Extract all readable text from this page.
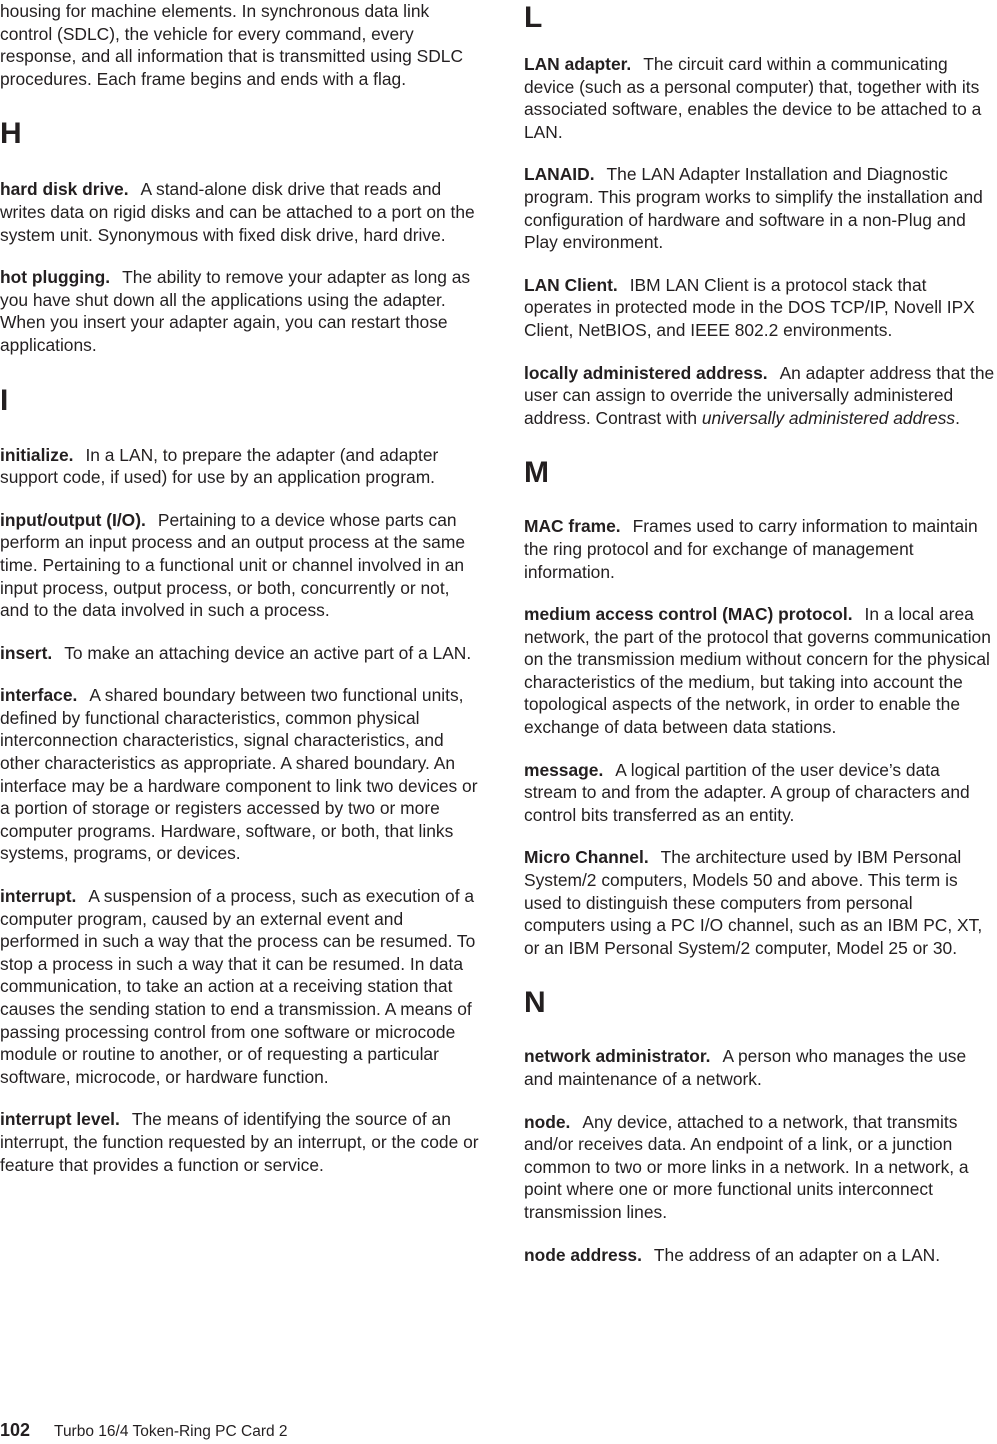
housing for machine elements. In synchronous data link control (SDLC), the vehicle for every command, every response, and all information that is transmitted using SDLC procedures. Each frame begins and ends with a flag.

H

hard disk drive. A stand-alone disk drive that reads and writes data on rigid disks and can be attached to a port on the system unit. Synonymous with fixed disk drive, hard drive.

hot plugging. The ability to remove your adapter as long as you have shut down all the applications using the adapter. When you insert your adapter again, you can restart those applications.

I

initialize. In a LAN, to prepare the adapter (and adapter support code, if used) for use by an application program.

input/output (I/O). Pertaining to a device whose parts can perform an input process and an output process at the same time. Pertaining to a functional unit or channel involved in an input process, output process, or both, concurrently or not, and to the data involved in such a process.

insert. To make an attaching device an active part of a LAN.

interface. A shared boundary between two functional units, defined by functional characteristics, common physical interconnection characteristics, signal characteristics, and other characteristics as appropriate. A shared boundary. An interface may be a hardware component to link two devices or a portion of storage or registers accessed by two or more computer programs. Hardware, software, or both, that links systems, programs, or devices.

interrupt. A suspension of a process, such as execution of a computer program, caused by an external event and performed in such a way that the process can be resumed. To stop a process in such a way that it can be resumed. In data communication, to take an action at a receiving station that causes the sending station to end a transmission. A means of passing processing control from one software or microcode module or routine to another, or of requesting a particular software, microcode, or hardware function.

interrupt level. The means of identifying the source of an interrupt, the function requested by an interrupt, or the code or feature that provides a function or service.

L

LAN adapter. The circuit card within a communicating device (such as a personal computer) that, together with its associated software, enables the device to be attached to a LAN.

LANAID. The LAN Adapter Installation and Diagnostic program. This program works to simplify the installation and configuration of hardware and software in a non-Plug and Play environment.

LAN Client. IBM LAN Client is a protocol stack that operates in protected mode in the DOS TCP/IP, Novell IPX Client, NetBIOS, and IEEE 802.2 environments.

locally administered address. An adapter address that the user can assign to override the universally administered address. Contrast with universally administered address.

M

MAC frame. Frames used to carry information to maintain the ring protocol and for exchange of management information.

medium access control (MAC) protocol. In a local area network, the part of the protocol that governs communication on the transmission medium without concern for the physical characteristics of the medium, but taking into account the topological aspects of the network, in order to enable the exchange of data between data stations.

message. A logical partition of the user device’s data stream to and from the adapter. A group of characters and control bits transferred as an entity.

Micro Channel. The architecture used by IBM Personal System/2 computers, Models 50 and above. This term is used to distinguish these computers from personal computers using a PC I/O channel, such as an IBM PC, XT, or an IBM Personal System/2 computer, Model 25 or 30.

N

network administrator. A person who manages the use and maintenance of a network.

node. Any device, attached to a network, that transmits and/or receives data. An endpoint of a link, or a junction common to two or more links in a network. In a network, a point where one or more functional units interconnect transmission lines.

node address. The address of an adapter on a LAN.

102 Turbo 16/4 Token-Ring PC Card 2
